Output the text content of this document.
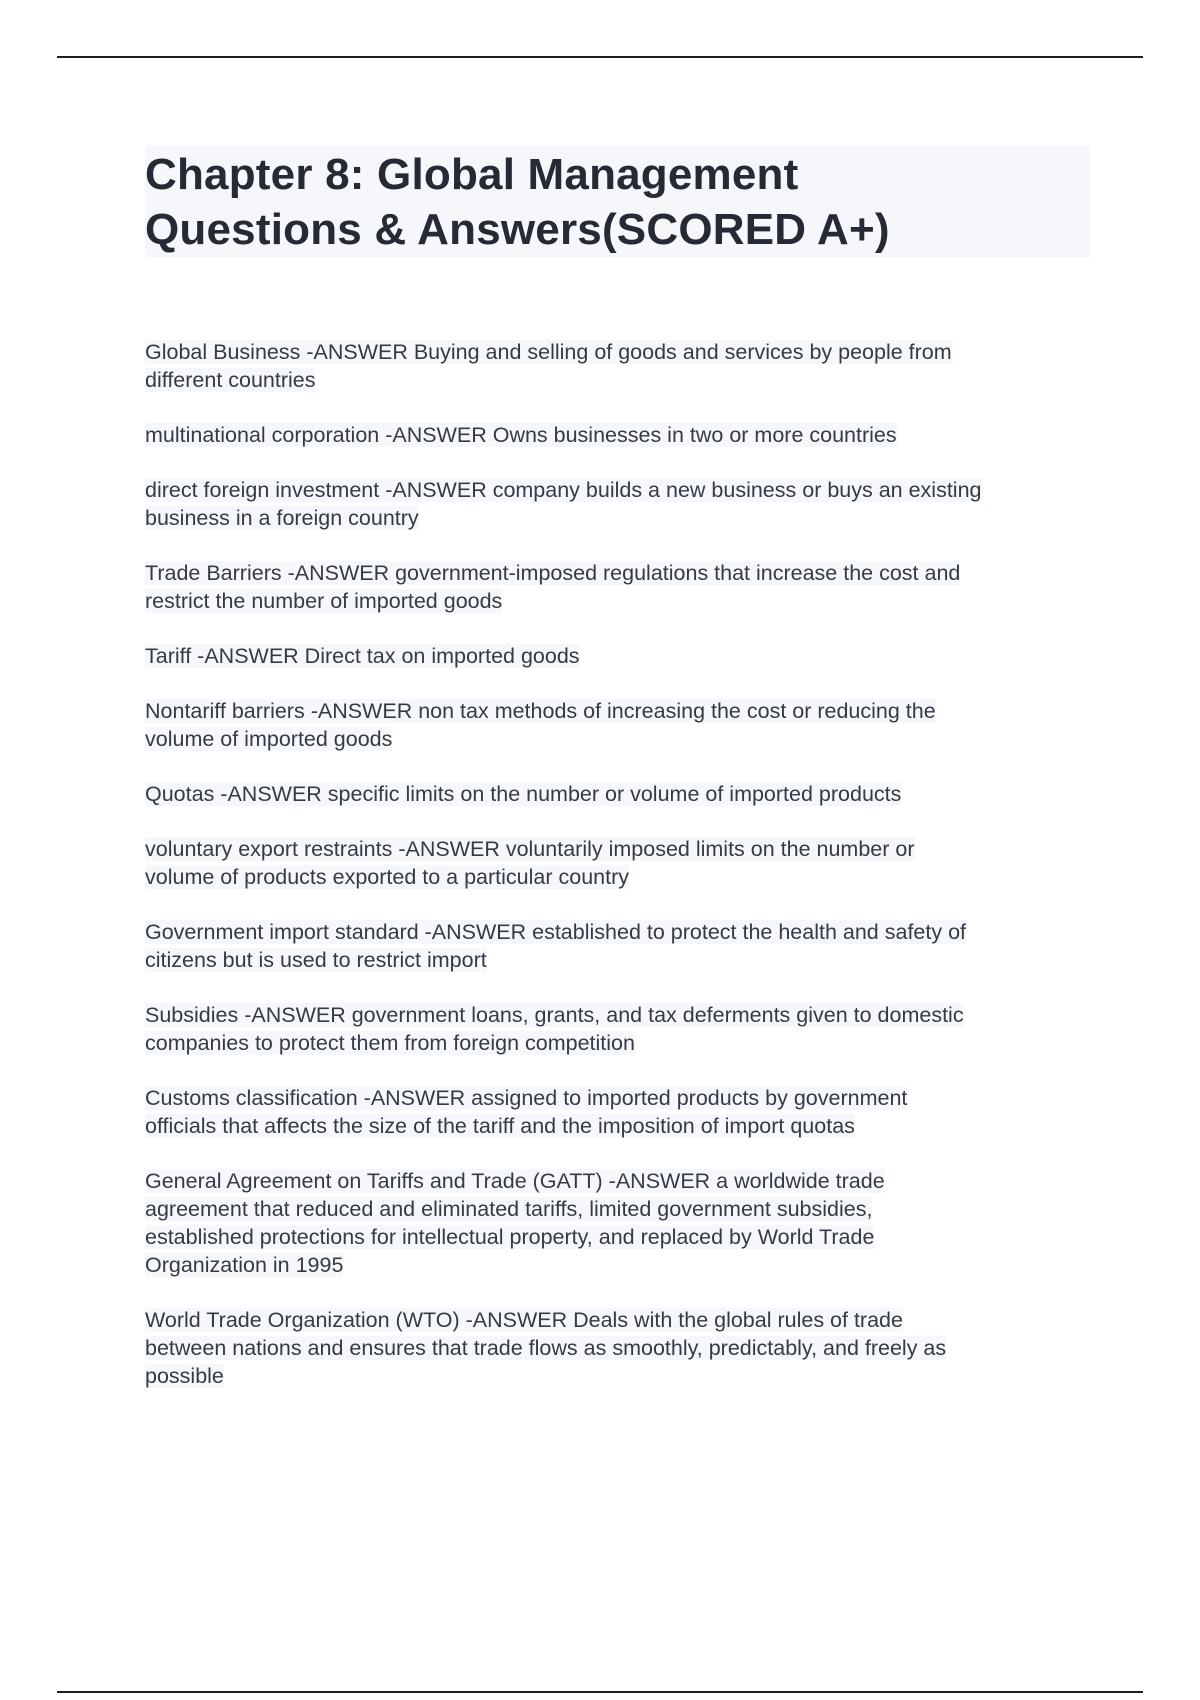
Chapter 8: Global Management
Questions & Answers(SCORED A+)
Global Business -ANSWER Buying and selling of goods and services by people from
different countries
multinational corporation -ANSWER Owns businesses in two or more countries
direct foreign investment -ANSWER company builds a new business or buys an existing
business in a foreign country
Trade Barriers -ANSWER government-imposed regulations that increase the cost and
restrict the number of imported goods
Tariff -ANSWER Direct tax on imported goods
Nontariff barriers -ANSWER non tax methods of increasing the cost or reducing the
volume of imported goods
Quotas -ANSWER specific limits on the number or volume of imported products
voluntary export restraints -ANSWER voluntarily imposed limits on the number or
volume of products exported to a particular country
Government import standard -ANSWER established to protect the health and safety of
citizens but is used to restrict import
Subsidies -ANSWER government loans, grants, and tax deferments given to domestic
companies to protect them from foreign competition
Customs classification -ANSWER assigned to imported products by government
officials that affects the size of the tariff and the imposition of import quotas
General Agreement on Tariffs and Trade (GATT) -ANSWER a worldwide trade
agreement that reduced and eliminated tariffs, limited government subsidies,
established protections for intellectual property, and replaced by World Trade
Organization in 1995
World Trade Organization (WTO) -ANSWER Deals with the global rules of trade
between nations and ensures that trade flows as smoothly, predictably, and freely as
possible
